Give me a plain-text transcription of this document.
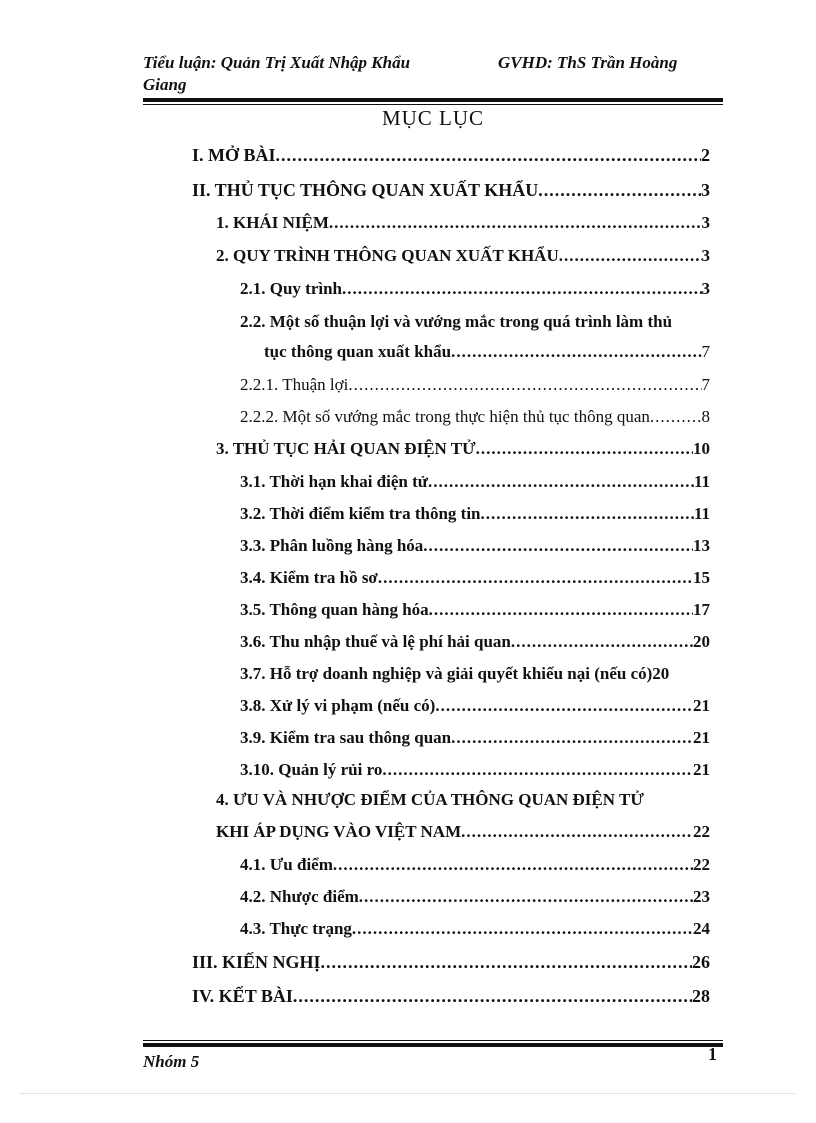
Tiểu luận: Quản Trị Xuất Nhập Khẩu
Giang
GVHD: ThS Trần Hoàng
MỤC LỤC
I. MỞ BÀI .....	2
II. THỦ TỤC THÔNG QUAN XUẤT KHẨU .....	3
1. KHÁI NIỆM .....	3
2. QUY TRÌNH THÔNG QUAN XUẤT KHẨU .....	3
2.1. Quy trình .....	3
2.2. Một số thuận lợi và vướng mắc trong quá trình làm thủ
tục thông quan xuất khẩu .....	7
2.2.1. Thuận lợi .....	7
2.2.2. Một số vướng mắc trong thực hiện thủ tục thông quan .....	8
3. THỦ TỤC HẢI QUAN ĐIỆN TỬ .....	10
3.1. Thời hạn khai điện tử .....	11
3.2. Thời điểm kiểm tra thông tin .....	11
3.3. Phân luồng hàng hóa .....	13
3.4. Kiểm tra hồ sơ .....	15
3.5. Thông quan hàng hóa .....	17
3.6. Thu nhập thuế và lệ phí hải quan .....	20
3.7. Hỗ trợ doanh nghiệp và giải quyết khiếu nại (nếu có) 20
3.8. Xử lý vi phạm (nếu có) .....	21
3.9. Kiểm tra sau thông quan .....	21
3.10. Quản lý rủi ro .....	21
4. ƯU VÀ NHƯỢC ĐIỂM CỦA THÔNG QUAN ĐIỆN TỬ
KHI ÁP DỤNG VÀO VIỆT NAM .....	22
4.1. Ưu điểm .....	22
4.2. Nhược điểm .....	23
4.3. Thực trạng .....	24
III. KIẾN NGHỊ .....	26
IV. KẾT BÀI .....	28
Nhóm 5	1
